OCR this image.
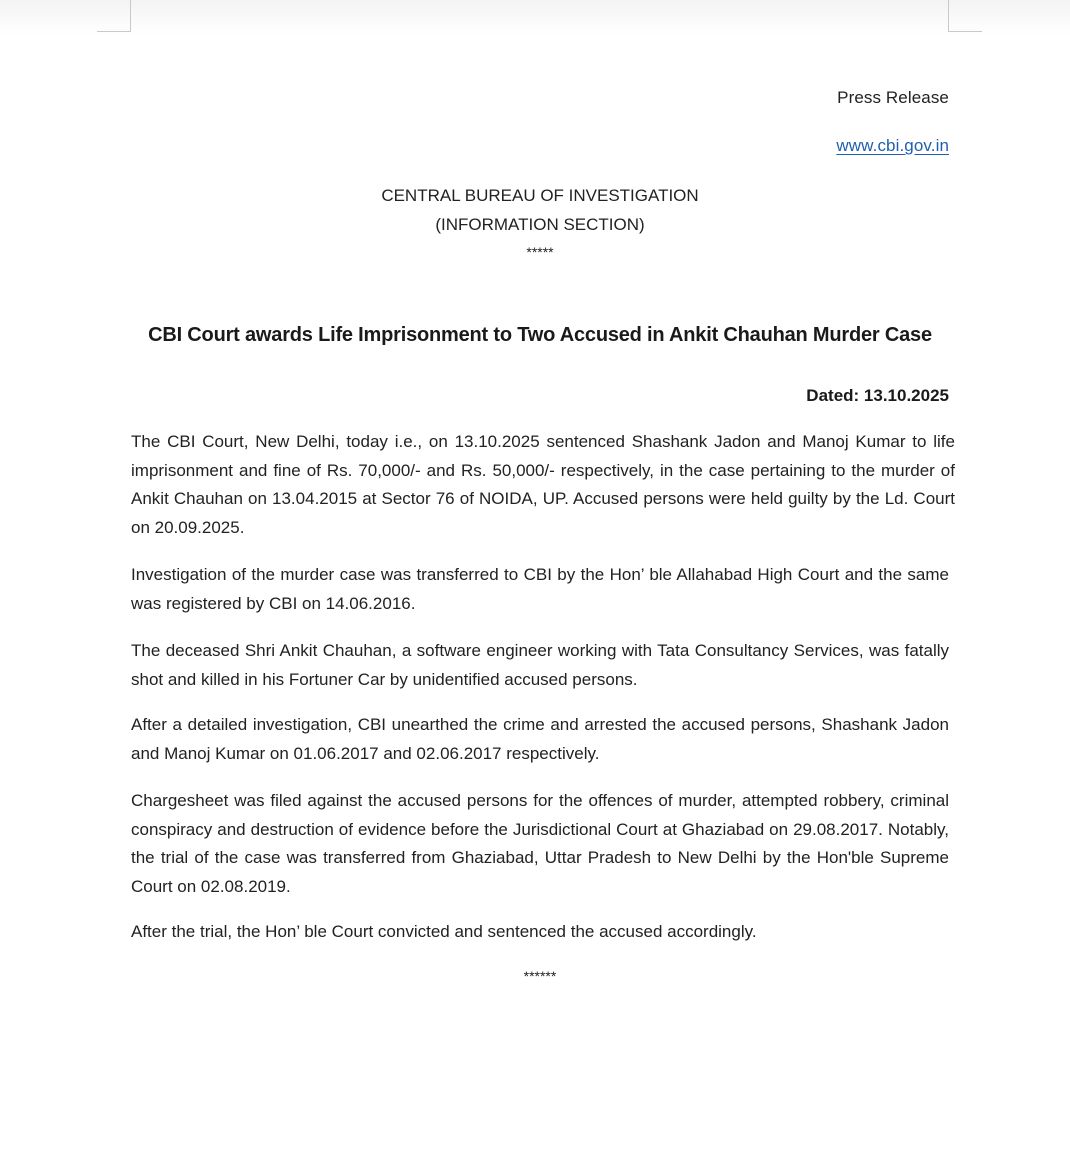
Press Release
www.cbi.gov.in
CENTRAL BUREAU OF INVESTIGATION
(INFORMATION SECTION)
*****
CBI Court awards Life Imprisonment to Two Accused in Ankit Chauhan Murder Case
Dated: 13.10.2025

The CBI Court, New Delhi, today i.e., on 13.10.2025 sentenced Shashank Jadon and Manoj Kumar to life imprisonment and fine of Rs. 70,000/- and Rs. 50,000/- respectively, in the case pertaining to the murder of Ankit Chauhan on 13.04.2015 at Sector 76 of NOIDA, UP. Accused persons were held guilty by the Ld. Court on 20.09.2025.

Investigation of the murder case was transferred to CBI by the Hon’ ble Allahabad High Court and the same was registered by CBI on 14.06.2016.

The deceased Shri Ankit Chauhan, a software engineer working with Tata Consultancy Services, was fatally shot and killed in his Fortuner Car by unidentified accused persons.

After a detailed investigation, CBI unearthed the crime and arrested the accused persons, Shashank Jadon and Manoj Kumar on 01.06.2017 and 02.06.2017 respectively.

Chargesheet was filed against the accused persons for the offences of murder, attempted robbery, criminal conspiracy and destruction of evidence before the Jurisdictional Court at Ghaziabad on 29.08.2017. Notably, the trial of the case was transferred from Ghaziabad, Uttar Pradesh to New Delhi by the Hon'ble Supreme Court on 02.08.2019.

After the trial, the Hon’ ble Court convicted and sentenced the accused accordingly.

******
